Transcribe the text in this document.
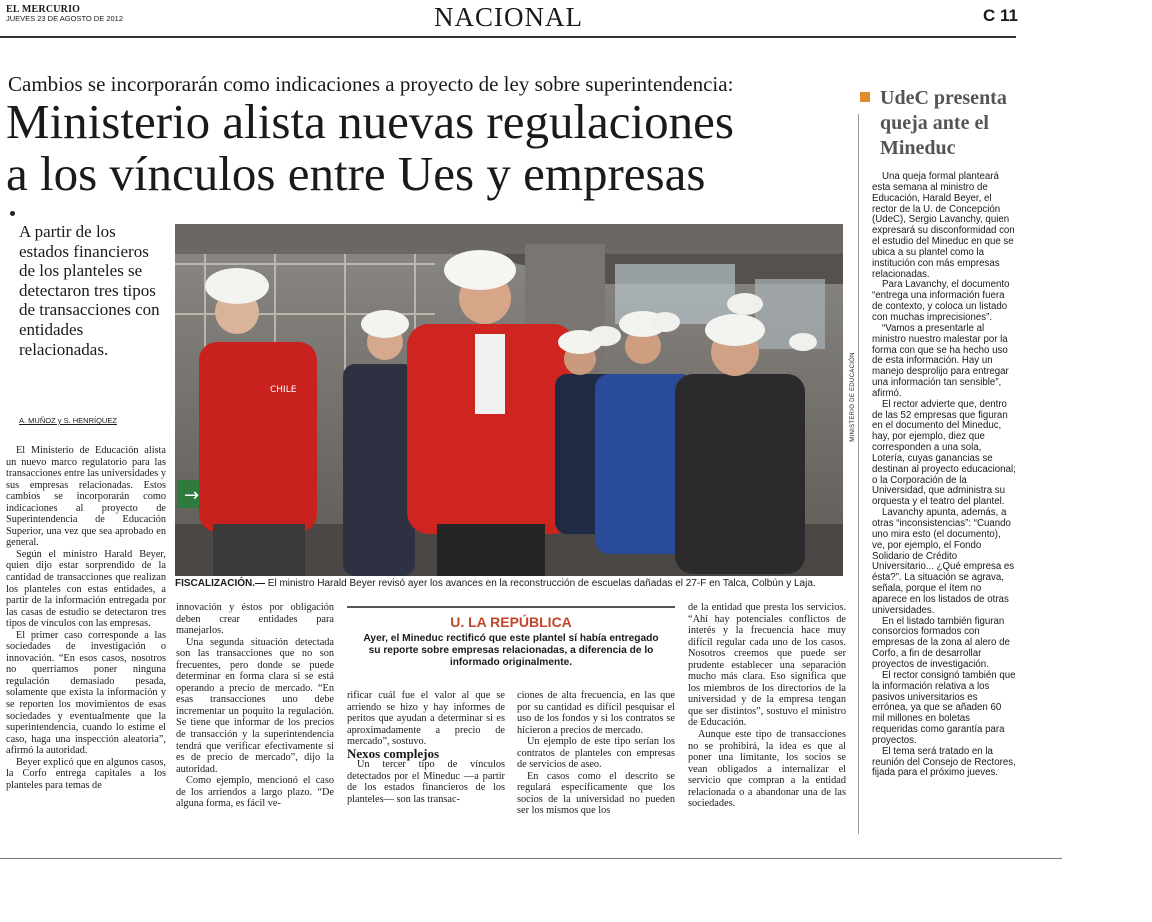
EL MERCURIO
JUEVES 23 DE AGOSTO DE 2012	NACIONAL	C 11
Cambios se incorporarán como indicaciones a proyecto de ley sobre superintendencia:
Ministerio alista nuevas regulaciones
a los vínculos entre Ues y empresas
A partir de los estados financieros de los planteles se detectaron tres tipos de transacciones con entidades relacionadas.
A. MUÑOZ y S. HENRÍQUEZ

El Ministerio de Educación alista un nuevo marco regulatorio para las transacciones entre las universidades y sus empresas relacionadas. Estos cambios se incorporarán como indicaciones al proyecto de Superintendencia de Educación Superior, una vez que sea aprobado en general.

Según el ministro Harald Beyer, quien dijo estar sorprendido de la cantidad de transacciones que realizan los planteles con estas entidades, a partir de la información entregada por las casas de estudio se detectaron tres tipos de vínculos con las empresas.

El primer caso corresponde a las sociedades de investigación o innovación. “En esos casos, nosotros no querríamos poner ninguna regulación demasiado pesada, solamente que exista la información y se reporten los movimientos de esas sociedades y eventualmente que la superintendencia, cuando lo estime el caso, haga una inspección aleatoria”, afirmó la autoridad.

Beyer explicó que en algunos casos, la Corfo entrega capitales a los planteles para temas de

→
CHILE	MINISTERIO DE EDUCACIÓN
FISCALIZACIÓN.— El ministro Harald Beyer revisó ayer los avances en la reconstrucción de escuelas dañadas el 27-F en Talca, Colbún y Laja.

innovación y éstos por obligación deben crear entidades para manejarlos.

Una segunda situación detectada son las transacciones que no son frecuentes, pero donde se puede determinar en forma clara si se está operando a precio de mercado. “En esas transacciones uno debe incrementar un poquito la regulación. Se tiene que informar de los precios de transacción y la superintendencia tendrá que verificar efectivamente si es de precio de mercado”, dijo la autoridad.

Como ejemplo, mencionó el caso de los arriendos a largo plazo. “De alguna forma, es fácil ve-

U. LA REPÚBLICA
Ayer, el Mineduc rectificó que este plantel sí había entregado su reporte sobre empresas relacionadas, a diferencia de lo informado originalmente.

rificar cuál fue el valor al que se arriendo se hizo y hay informes de peritos que ayudan a determinar si es aproximadamente a precio de mercado”, sostuvo.

Nexos complejos

Un tercer tipo de vínculos detectados por el Mineduc —a partir de los estados financieros de los planteles— son las transac-

ciones de alta frecuencia, en las que por su cantidad es difícil pesquisar el uso de los fondos y si los contratos se hicieron a precios de mercado.

Un ejemplo de este tipo serían los contratos de planteles con empresas de servicios de aseo.

En casos como el descrito se regulará específicamente que los socios de la universidad no pueden ser los mismos que los

de la entidad que presta los servicios. “Ahí hay potenciales conflictos de interés y la frecuencia hace muy difícil regular cada uno de los casos. Nosotros creemos que puede ser prudente establecer una separación mucho más clara. Eso significa que los miembros de los directorios de la universidad y de la empresa tengan que ser distintos”, sostuvo el ministro de Educación.

Aunque este tipo de transacciones no se prohibirá, la idea es que al poner una limitante, los socios se vean obligados a internalizar el servicio que compran a la entidad relacionada o a abandonar una de las sociedades.

UdeC presenta queja ante el Mineduc

Una queja formal planteará esta semana al ministro de Educación, Harald Beyer, el rector de la U. de Concepción (UdeC), Sergio Lavanchy, quien expresará su disconformidad con el estudio del Mineduc en que se ubica a su plantel como la institución con más empresas relacionadas.

Para Lavanchy, el documento “entrega una información fuera de contexto, y coloca un listado con muchas imprecisiones”.

“Vamos a presentarle al ministro nuestro malestar por la forma con que se ha hecho uso de esta información. Hay un manejo desprolijo para entregar una información tan sensible”, afirmó.

El rector advierte que, dentro de las 52 empresas que figuran en el documento del Mineduc, hay, por ejemplo, diez que corresponden a una sola, Lotería, cuyas ganancias se destinan al proyecto educacional; o la Corporación de la Universidad, que administra su orquesta y el teatro del plantel.

Lavanchy apunta, además, a otras “inconsistencias”: “Cuando uno mira esto (el documento), ve, por ejemplo, el Fondo Solidario de Crédito Universitario... ¿Qué empresa es ésta?”. La situación se agrava, señala, porque el ítem no aparece en los listados de otras universidades.

En el listado también figuran consorcios formados con empresas de la zona al alero de Corfo, a fin de desarrollar proyectos de investigación.

El rector consignó también que la información relativa a los pasivos universitarios es errónea, ya que se añaden 60 mil millones en boletas requeridas como garantía para proyectos.

El tema será tratado en la reunión del Consejo de Rectores, fijada para el próximo jueves.
